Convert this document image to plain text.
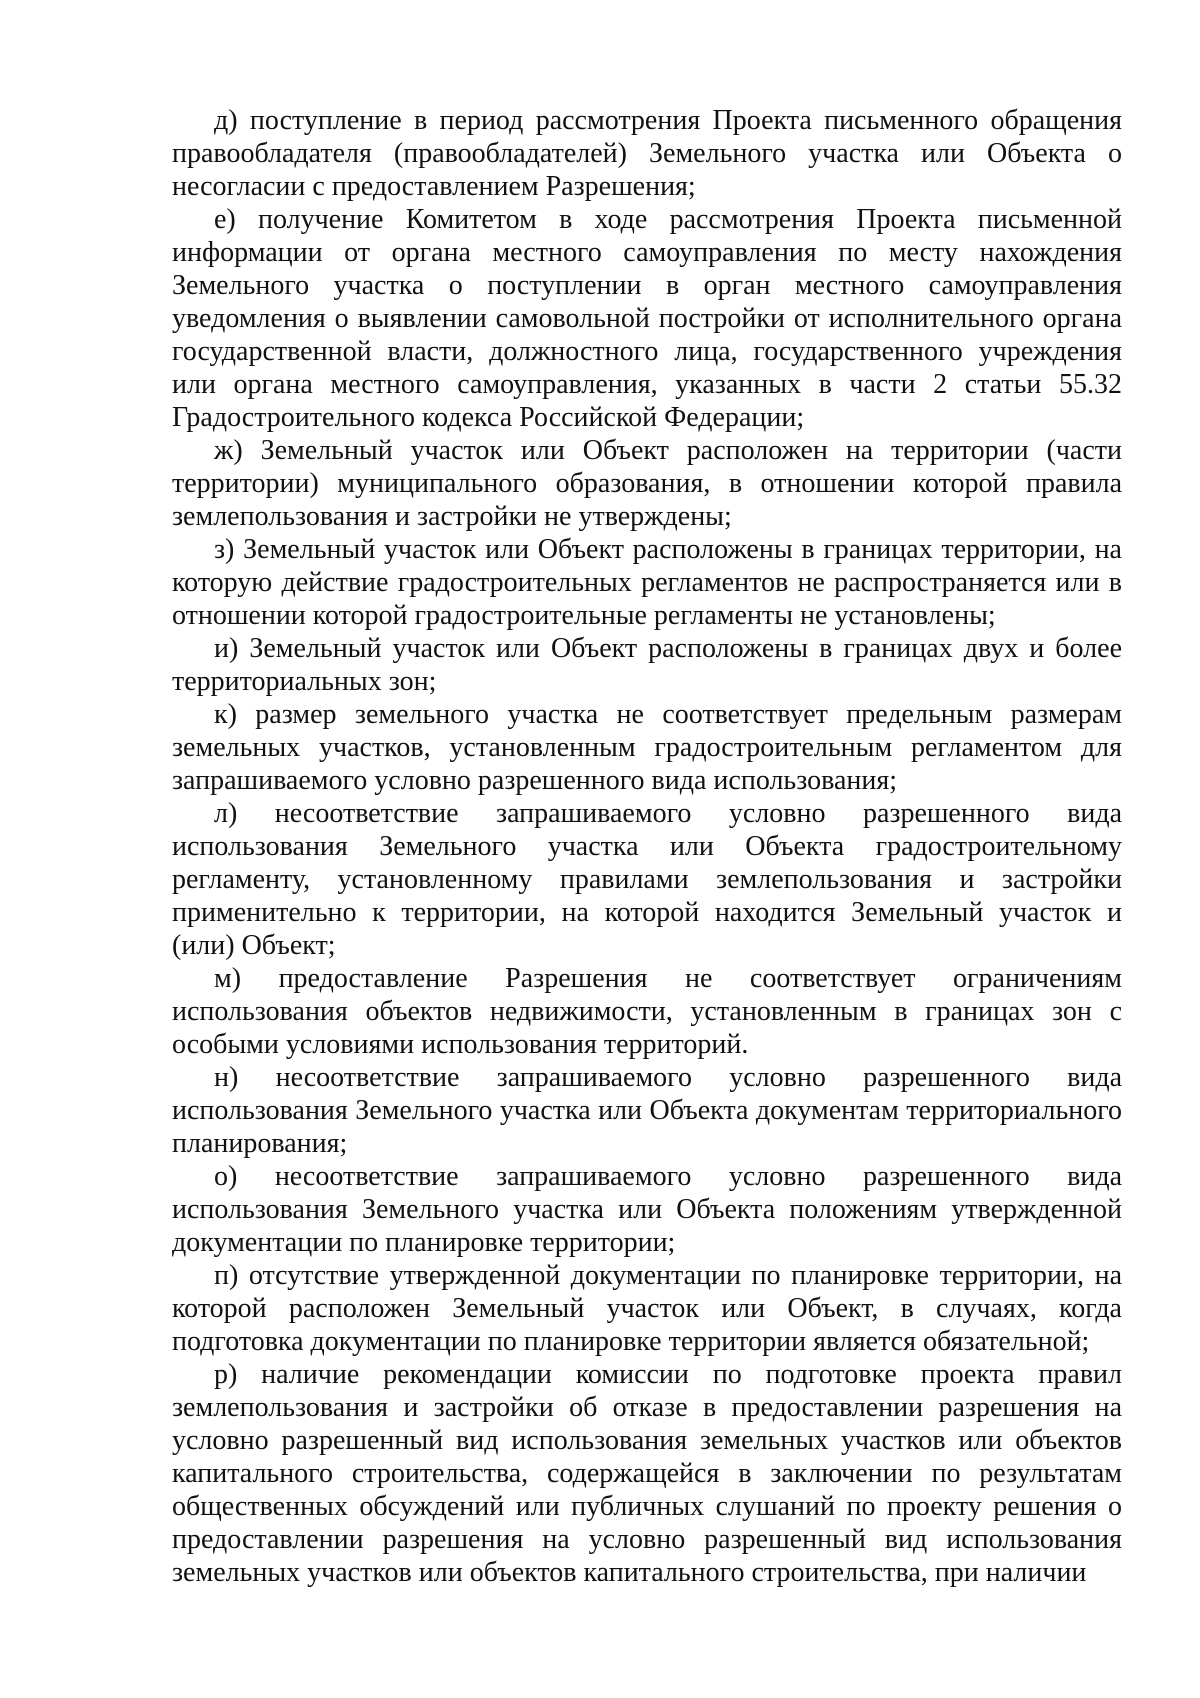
д) поступление в период рассмотрения Проекта письменного обращения правообладателя (правообладателей) Земельного участка или Объекта о несогласии с предоставлением Разрешения;

е) получение Комитетом в ходе рассмотрения Проекта письменной информации от органа местного самоуправления по месту нахождения Земельного участка о поступлении в орган местного самоуправления уведомления о выявлении самовольной постройки от исполнительного органа государственной власти, должностного лица, государственного учреждения или органа местного самоуправления, указанных в части 2 статьи 55.32 Градостроительного кодекса Российской Федерации;

ж) Земельный участок или Объект расположен на территории (части территории) муниципального образования, в отношении которой правила землепользования и застройки не утверждены;

з) Земельный участок или Объект расположены в границах территории, на которую действие градостроительных регламентов не распространяется или в отношении которой градостроительные регламенты не установлены;

и) Земельный участок или Объект расположены в границах двух и более территориальных зон;

к) размер земельного участка не соответствует предельным размерам земельных участков, установленным градостроительным регламентом для запрашиваемого условно разрешенного вида использования;

л) несоответствие запрашиваемого условно разрешенного вида использования Земельного участка или Объекта градостроительному регламенту, установленному правилами землепользования и застройки применительно к территории, на которой находится Земельный участок и (или) Объект;

м) предоставление Разрешения не соответствует ограничениям использования объектов недвижимости, установленным в границах зон с особыми условиями использования территорий.

н) несоответствие запрашиваемого условно разрешенного вида использования Земельного участка или Объекта документам территориального планирования;

о) несоответствие запрашиваемого условно разрешенного вида использования Земельного участка или Объекта положениям утвержденной документации по планировке территории;

п) отсутствие утвержденной документации по планировке территории, на которой расположен Земельный участок или Объект, в случаях, когда подготовка документации по планировке территории является обязательной;

р) наличие рекомендации комиссии по подготовке проекта правил землепользования и застройки об отказе в предоставлении разрешения на условно разрешенный вид использования земельных участков или объектов капитального строительства, содержащейся в заключении по результатам общественных обсуждений или публичных слушаний по проекту решения о предоставлении разрешения на условно разрешенный вид использования земельных участков или объектов капитального строительства, при наличии
